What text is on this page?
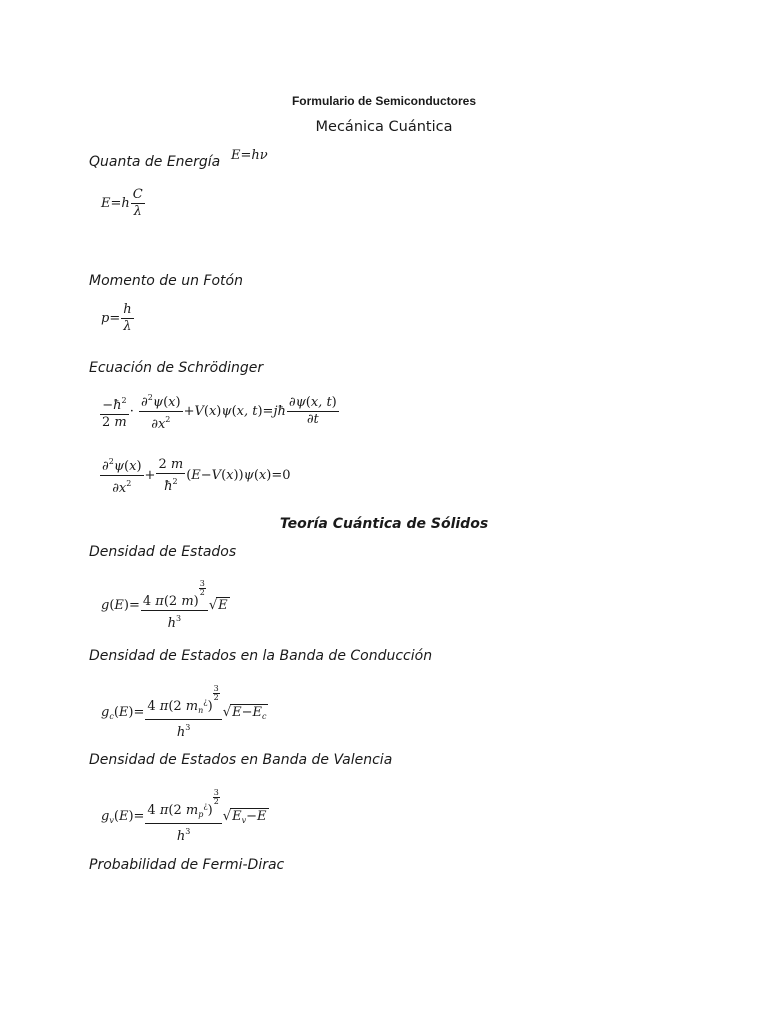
Formulario de Semiconductores
Mecánica Cuántica
Quanta de Energía E=hν
$E=h \frac{C}{\lambda}$
Momento de un Fotón
$p= \frac{h}{\lambda}$
Ecuación de Schrödinger
$\frac{-ħ^2}{2 m} \cdot \frac{\partial^2\psi(x)}{\partial x^2} +V(x)\psi(x$, t)=jħ $\frac{\partial\psi(x, t)}{\partial t}$
$\frac{\partial^2\psi(x)}{\partial x^2} + \frac{2 m}{ħ^2} (E-V(x))\psi(x)=0$
Teoría Cuántica de Sólidos
Densidad de Estados
g(E)= 4 π(2 m)
$\frac{3}{2}$
$h^3$ √E
Densidad de Estados en la Banda de Conducción
$g_c(E)= 4$ π(2 $m_n^¿$)
$\frac{3}{2}$
$h^3$ $√E-E_c$
Densidad de Estados en Banda de Valencia
$g_v(E)= 4$ π(2 $m_p^¿$)
$\frac{3}{2}$
$h^3$ $√E_v-E$
Probabilidad de Fermi-Dirac
